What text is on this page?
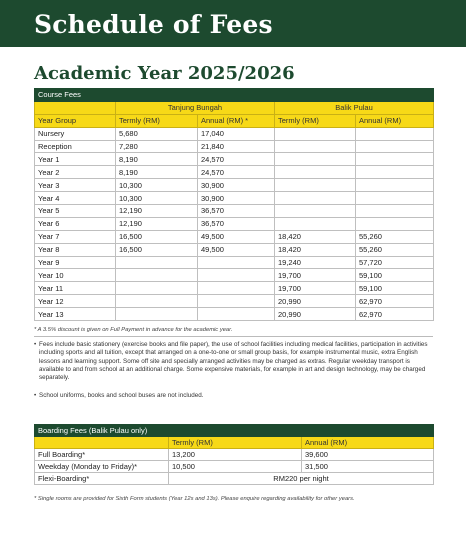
Schedule of Fees
Academic Year 2025/2026
Course Fees				
	Tanjung Bungah		Balik Pulau	
Year Group	Termly (RM)	Annual (RM) *	Termly (RM)	Annual (RM)
Nursery	5,680	17,040		
Reception	7,280	21,840		
Year 1	8,190	24,570		
Year 2	8,190	24,570		
Year 3	10,300	30,900		
Year 4	10,300	30,900		
Year 5	12,190	36,570		
Year 6	12,190	36,570		
Year 7	16,500	49,500	18,420	55,260
Year 8	16,500	49,500	18,420	55,260
Year 9			19,240	57,720
Year 10			19,700	59,100
Year 11			19,700	59,100
Year 12			20,990	62,970
Year 13			20,990	62,970
* A 3.5% discount is given on Full Payment in advance for the academic year.
• Fees include basic stationery (exercise books and file paper), the use of school facilities including medical facilities, participation in activities including sports and all tuition, except that arranged on a one-to-one or small group basis, for example instrumental music, extra English lessons and learning support. Some off site and specially arranged activities may be charged as extras. Regular weekday transport is available to and from school at an additional charge. Some expensive materials, for example in art and design technology, may be charged separately.
• School uniforms, books and school buses are not included.
Boarding Fees (Balik Pulau only)		
	Termly (RM)	Annual (RM)
Full Boarding*	13,200	39,600
Weekday (Monday to Friday)*	10,500	31,500
Flexi-Boarding*	RM220 per night	
* Single rooms are provided for Sixth Form students (Year 12s and 13s). Please enquire regarding availability for other years.
